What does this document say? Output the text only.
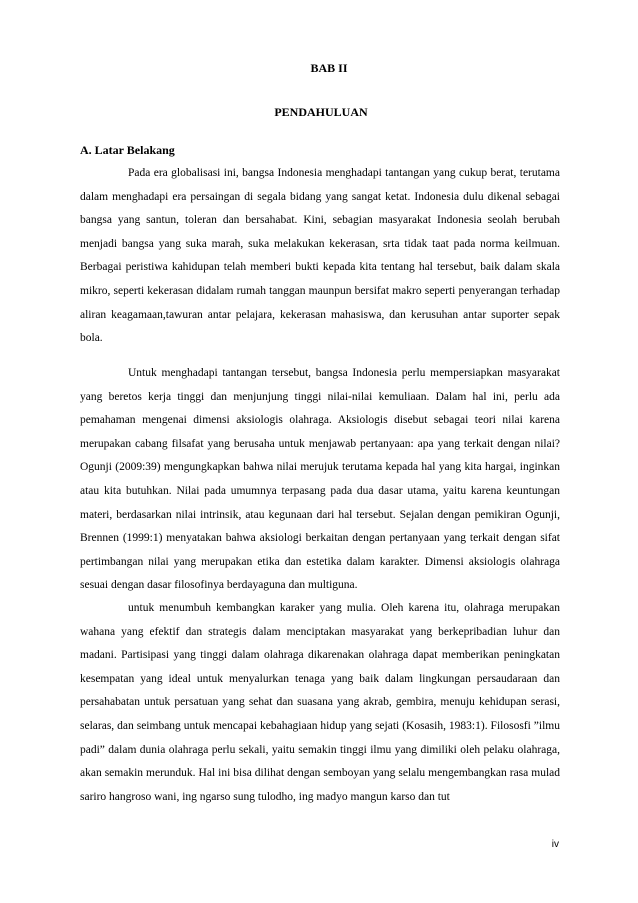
BAB II
PENDAHULUAN
A. Latar Belakang

Pada era globalisasi ini, bangsa Indonesia menghadapi tantangan yang cukup berat, terutama dalam menghadapi era persaingan di segala bidang yang sangat ketat. Indonesia dulu dikenal sebagai bangsa yang santun, toleran dan bersahabat. Kini, sebagian masyarakat Indonesia seolah berubah menjadi bangsa yang suka marah, suka melakukan kekerasan, srta tidak taat pada norma keilmuan. Berbagai peristiwa kahidupan telah memberi bukti kepada kita tentang hal tersebut, baik dalam skala mikro, seperti kekerasan didalam rumah tanggan maunpun bersifat makro seperti penyerangan terhadap aliran keagamaan,tawuran antar pelajara, kekerasan mahasiswa, dan kerusuhan antar suporter sepak bola.

Untuk menghadapi tantangan tersebut, bangsa Indonesia perlu mempersiapkan masyarakat yang beretos kerja tinggi dan menjunjung tinggi nilai-nilai kemuliaan. Dalam hal ini, perlu ada pemahaman mengenai dimensi aksiologis olahraga. Aksiologis disebut sebagai teori nilai karena merupakan cabang filsafat yang berusaha untuk menjawab pertanyaan: apa yang terkait dengan nilai? Ogunji (2009:39) mengungkapkan bahwa nilai merujuk terutama kepada hal yang kita hargai, inginkan atau kita butuhkan. Nilai pada umumnya terpasang pada dua dasar utama, yaitu karena keuntungan materi, berdasarkan nilai intrinsik, atau kegunaan dari hal tersebut. Sejalan dengan pemikiran Ogunji, Brennen (1999:1) menyatakan bahwa aksiologi berkaitan dengan pertanyaan yang terkait dengan sifat pertimbangan nilai yang merupakan etika dan estetika dalam karakter. Dimensi aksiologis olahraga sesuai dengan dasar filosofinya berdayaguna dan multiguna.

untuk menumbuh kembangkan karaker yang mulia. Oleh karena itu, olahraga merupakan wahana yang efektif dan strategis dalam menciptakan masyarakat yang berkepribadian luhur dan madani. Partisipasi yang tinggi dalam olahraga dikarenakan olahraga dapat memberikan peningkatan kesempatan yang ideal untuk menyalurkan tenaga yang baik dalam lingkungan persaudaraan dan persahabatan untuk persatuan yang sehat dan suasana yang akrab, gembira, menuju kehidupan serasi, selaras, dan seimbang untuk mencapai kebahagiaan hidup yang sejati (Kosasih, 1983:1). Filososfi ”ilmu padi” dalam dunia olahraga perlu sekali, yaitu semakin tinggi ilmu yang dimiliki oleh pelaku olahraga, akan semakin merunduk. Hal ini bisa dilihat dengan semboyan yang selalu mengembangkan rasa mulad sariro hangroso wani, ing ngarso sung tulodho, ing madyo mangun karso dan tut

iv
